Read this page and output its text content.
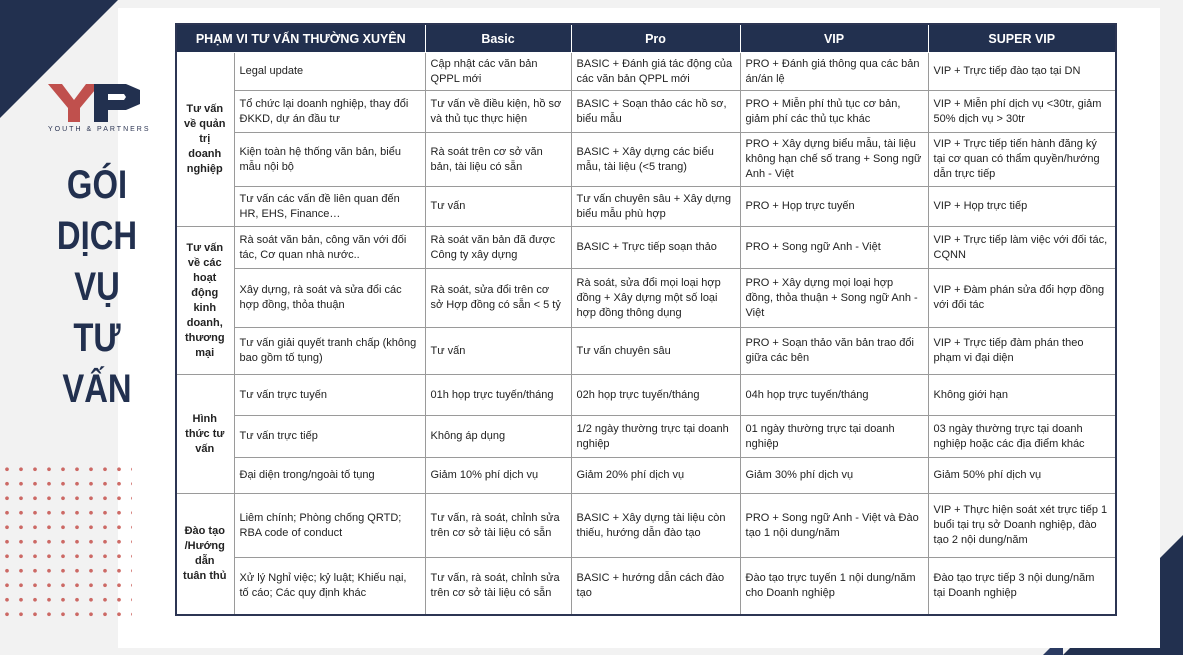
YOUTH & PARTNERS
GÓI
DỊCH
VỤ
TƯ
VẤN
PHẠM VI TƯ VẤN THƯỜNG XUYÊN		Basic	Pro	VIP	SUPER VIP
Tư vấn về quản trị doanh nghiệp	Legal update	Cập nhật các văn bản QPPL mới	BASIC + Đánh giá tác động của các văn bản QPPL mới	PRO + Đánh giá thông qua các bản án/án lệ	VIP + Trực tiếp đào tạo tại DN
	Tổ chức lại doanh nghiệp, thay đổi ĐKKD, dự án đầu tư	Tư vấn về điều kiện, hồ sơ và thủ tục thực hiện	BASIC + Soạn thảo các hồ sơ, biểu mẫu	PRO + Miễn phí thủ tục cơ bản, giảm phí các thủ tục khác	VIP + Miễn phí dịch vụ <30tr, giảm 50% dịch vụ > 30tr
	Kiện toàn hệ thống văn bản, biểu mẫu nội bộ	Rà soát trên cơ sở văn bản, tài liệu có sẵn	BASIC + Xây dựng các biểu mẫu, tài liệu (<5 trang)	PRO + Xây dựng biểu mẫu, tài liệu không hạn chế số trang + Song ngữ Anh - Việt	VIP + Trực tiếp tiến hành đăng ký tại cơ quan có thẩm quyền/hướng dẫn trực tiếp
	Tư vấn các vấn đề liên quan đến HR, EHS, Finance…	Tư vấn	Tư vấn chuyên sâu + Xây dựng biểu mẫu phù hợp	PRO + Họp trực tuyến	VIP + Họp trực tiếp
Tư vấn về các hoạt động kinh doanh, thương mại	Rà soát văn bản, công văn với đối tác, Cơ quan nhà nước..	Rà soát văn bản đã được Công ty xây dựng	BASIC + Trực tiếp soạn thảo	PRO + Song ngữ Anh - Việt	VIP + Trực tiếp làm việc với đối tác, CQNN
	Xây dựng, rà soát và sửa đổi các hợp đồng, thỏa thuận	Rà soát, sửa đổi trên cơ sở Hợp đồng có sẵn < 5 tỷ	Rà soát, sửa đổi mọi loại hợp đồng + Xây dựng một số loại hợp đồng thông dụng	PRO + Xây dựng mọi loại hợp đồng, thỏa thuận + Song ngữ Anh - Việt	VIP + Đàm phán sửa đổi hợp đồng với đối tác
	Tư vấn giải quyết tranh chấp (không bao gồm tố tụng)	Tư vấn	Tư vấn chuyên sâu	PRO + Soạn thảo văn bản trao đổi giữa các bên	VIP + Trực tiếp đàm phán theo phạm vi đại diện
Hình thức tư vấn	Tư vấn trực tuyến	01h họp trực tuyến/tháng	02h họp trực tuyến/tháng	04h họp trực tuyến/tháng	Không giới hạn
	Tư vấn trực tiếp	Không áp dụng	1/2 ngày thường trực tại doanh nghiệp	01 ngày thường trực tại doanh nghiệp	03 ngày thường trực tại doanh nghiệp hoặc các địa điểm khác
	Đại diện trong/ngoài tố tụng	Giảm 10% phí dịch vụ	Giảm 20% phí dịch vụ	Giảm 30% phí dịch vụ	Giảm 50% phí dịch vụ
Đào tạo /Hướng dẫn tuân thủ	Liêm chính; Phòng chống QRTD; RBA code of conduct	Tư vấn, rà soát, chỉnh sửa trên cơ sở tài liệu có sẵn	BASIC + Xây dựng tài liệu còn thiếu, hướng dẫn đào tạo	PRO + Song ngữ Anh - Việt và Đào tạo 1 nội dung/năm	VIP + Thực hiện soát xét trực tiếp 1 buổi tại trụ sở Doanh nghiệp, đào tạo 2 nội dung/năm
	Xử lý Nghỉ việc; kỷ luật; Khiếu nại, tố cáo; Các quy định khác	Tư vấn, rà soát, chỉnh sửa trên cơ sở tài liệu có sẵn	BASIC + hướng dẫn cách đào tạo	Đào tạo trực tuyến 1 nội dung/năm cho Doanh nghiệp	Đào tạo trực tiếp 3 nội dung/năm tại Doanh nghiệp
